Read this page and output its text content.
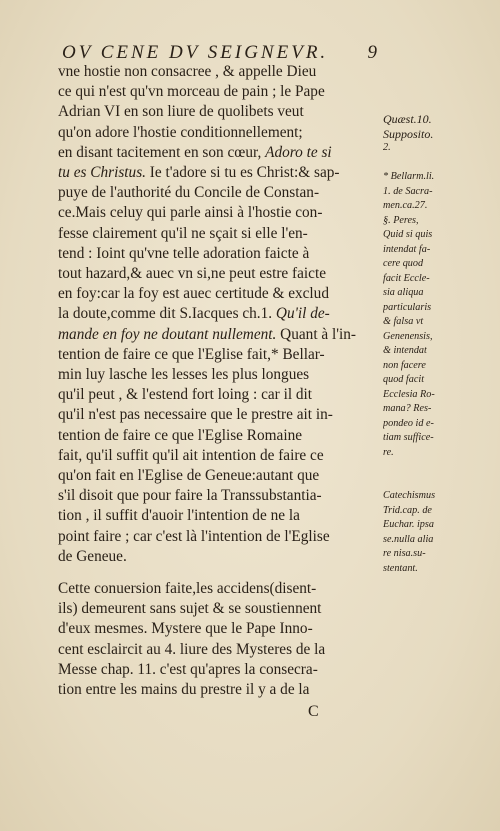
OV CENE DV SEIGNEVR. 9
vne hostie non consacree , & appelle Dieu
ce qui n'est qu'vn morceau de pain ; le Pape
Adrian VI en son liure de quolibets veut
qu'on adore l'hostie conditionnellement;
en disant tacitement en son cœur, Adoro te si
tu es Christus. Ie t'adore si tu es Christ:& sap-
puye de l'authorité du Concile de Constan-
ce.Mais celuy qui parle ainsi à l'hostie con-
fesse clairement qu'il ne sçait si elle l'en-
tend : Ioint qu'vne telle adoration faicte à
tout hazard,& auec vn si,ne peut estre faicte
en foy:car la foy est auec certitude & exclud
la doute,comme dit S.Iacques ch.1. Qu'il de-
mande en foy ne doutant nullement. Quant à l'in-
tention de faire ce que l'Eglise fait,* Bellar-
min luy lasche les lesses les plus longues
qu'il peut , & l'estend fort loing : car il dit
qu'il n'est pas necessaire que le prestre ait in-
tention de faire ce que l'Eglise Romaine
fait, qu'il suffit qu'il ait intention de faire ce
qu'on fait en l'Eglise de Geneue:autant que
s'il disoit que pour faire la Transsubstantia-
tion , il suffit d'auoir l'intention de ne la
point faire ; car c'est là l'intention de l'Eglise
de Geneue.
Cette conuersion faite,les accidens(disent-
ils) demeurent sans sujet & se soustiennent
d'eux mesmes. Mystere que le Pape Inno-
cent esclaircit au 4. liure des Mysteres de la
Messe chap. 11. c'est qu'apres la consecra-
tion entre les mains du prestre il y a de la
C
Quæst.10.
Supposito.
2.

* Bellarm.li.
1. de Sacra-
men.ca.27.
§. Peres,
Quid si quis
intendat fa-
cere quod
facit Eccle-
sia aliqua
particularis
& falsa vt
Genenensis,
& intendat
non facere
quod facit
Ecclesia Ro-
mana? Res-
pondeo id e-
tiam suffice-
re.

Catechismus
Trid.cap. de
Euchar. ipsa
se.nulla alia
re nisa.su-
stentant.
